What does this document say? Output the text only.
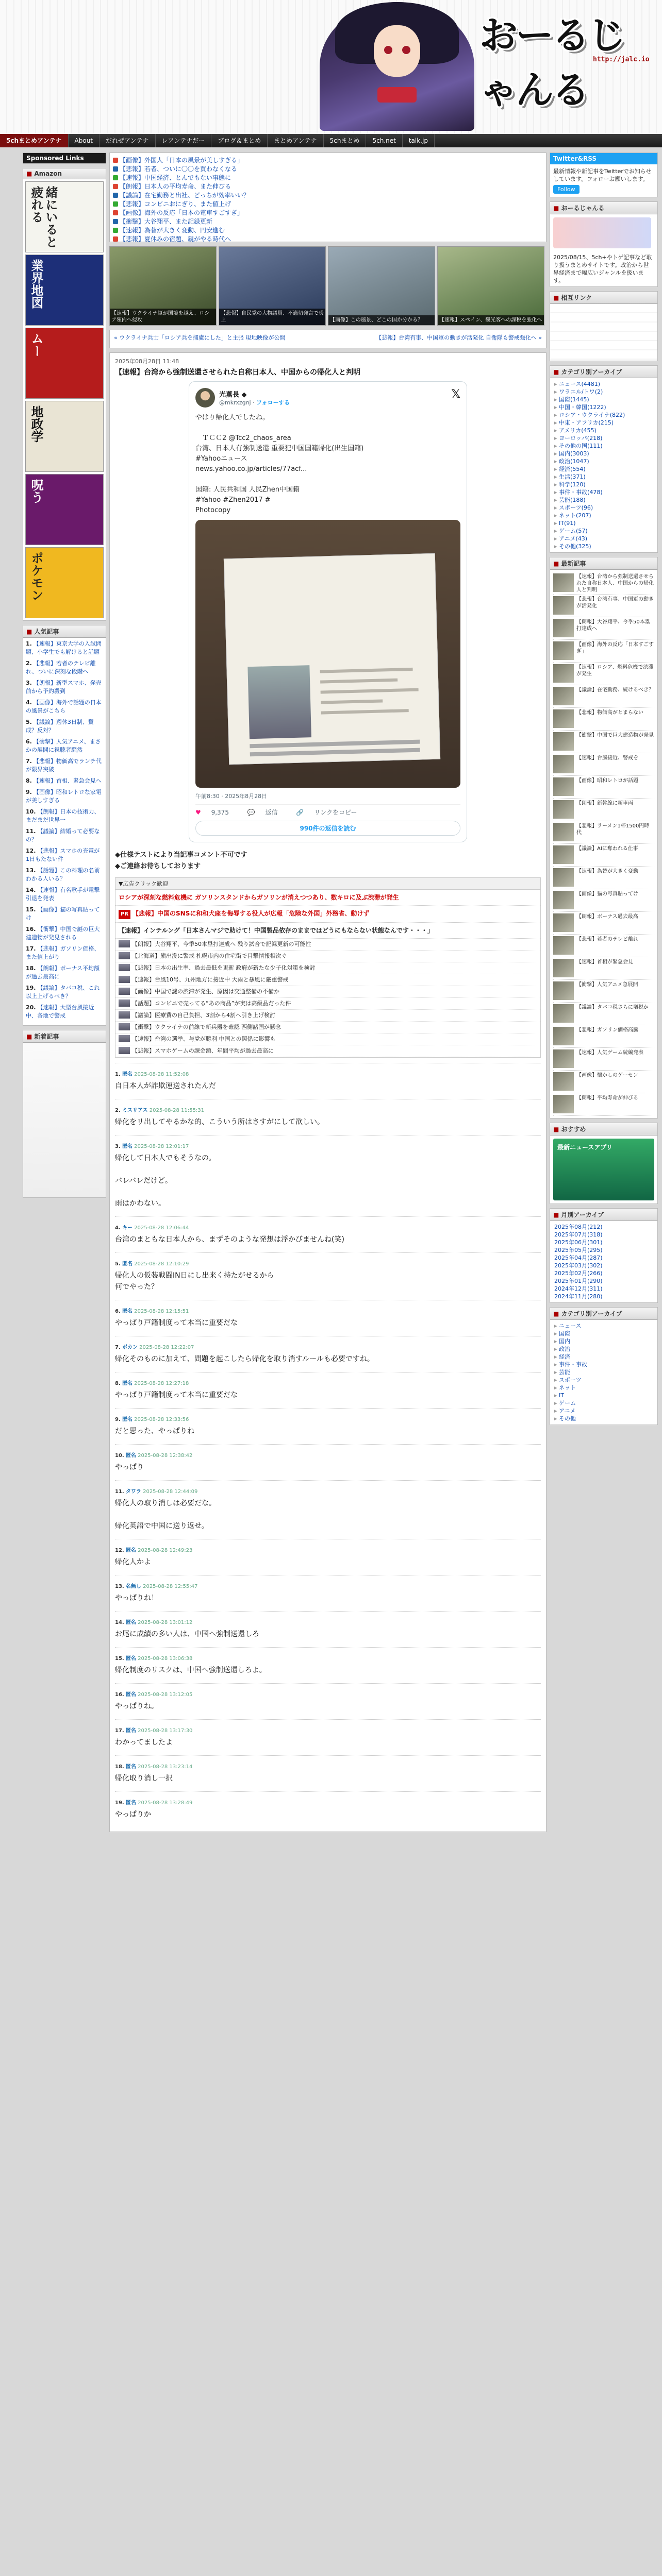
おーるじゃんる
http://jalc.io
5chまとめアンテナ	About	だれぜアンテナ	レアンテナだー	ブログ＆まとめ	まとめアンテナ	5chまとめ	5ch.net	talk.jp
Sponsored Links
■ Amazon
緒にいると疲れる
業界地図
ムー
地政学
呪う
ポケモン
■ 人気記事
1. 【速報】東京大学の入試問題、小学生でも解けると話題
2. 【悲報】若者のテレビ離れ、ついに深刻な段階へ
3. 【朗報】新型スマホ、発売前から予約殺到
4. 【画像】海外で話題の日本の風景がこちら
5. 【議論】週休3日制、賛成？反対？
6. 【衝撃】人気アニメ、まさかの展開に視聴者騒然
7. 【悲報】物価高でランチ代が限界突破
8. 【速報】首相、緊急会見へ
9. 【画像】昭和レトロな家電が美しすぎる
10. 【朗報】日本の技術力、まだまだ世界一
11. 【議論】結婚って必要なの？
12. 【悲報】スマホの充電が1日もたない件
13. 【話題】この料理の名前わかる人いる？
14. 【速報】有名歌手が電撃引退を発表
15. 【画像】猫の写真貼ってけ
16. 【衝撃】中国で謎の巨大建造物が発見される
17. 【悲報】ガソリン価格、また値上がり
18. 【朗報】ボーナス平均額が過去最高に
19. 【議論】タバコ税、これ以上上げるべき？
20. 【速報】大型台風接近中、各地で警戒
■ 新着記事
【画像】外国人「日本の風景が美しすぎる」
【悲報】若者、ついに〇〇を買わなくなる
【速報】中国経済、とんでもない事態に
【朗報】日本人の平均寿命、また伸びる
【議論】在宅勤務と出社、どっちが効率いい？
【悲報】コンビニおにぎり、また値上げ
【画像】海外の反応「日本の電車すごすぎ」
【衝撃】大谷翔平、また記録更新
【速報】為替が大きく変動、円安進む
【悲報】夏休みの宿題、親がやる時代へ
【速報】ウクライナ軍が国境を越え、ロシア領内へ侵攻
【悲報】自民党の大物議員、不適切発言で炎上	【画像】この風景、どこの国か分かる？	【速報】スペイン、観光客への課税を強化へ
« ウクライナ兵士「ロシア兵を捕虜にした」と主張 現地映像が公開	【悲報】台湾有事、中国軍の動きが活発化 自衛隊も警戒強化へ »
2025年08月28日 11:48
【速報】台湾から強制送還させられた自称日本人、中国からの帰化人と判明
光薫長 ◆
@mkrxzgnj · フォローする
𝕏
やはり帰化人でしたね。

　ＴＣＣ2 @Tcc2_chaos_area
台湾、日本人有強制送還 重要犯中国国籍帰化(出生国籍)
#Yahooニュース
news.yahoo.co.jp/articles/77acf...

国籍: 人民共和国 人民Zhen中国籍
#Yahoo #Zhen2017 #
Photocopy
午前8:30 · 2025年8月28日
♥ 9,375	💬 返信	🔗 リンクをコピー
990件の返信を読む
◆仕様テストにより当記事コメント不可です
◆ご連絡お待ちしております
▼広告クリック歓迎
ロシアが深刻な燃料危機に ガソリンスタンドからガソリンが消えつつあり、数キロに及ぶ渋滞が発生
PR 【悲報】中国のSNSに和和犬座を侮辱する役人が広報「危険な外国」外務省、動けず
【速報】インテルング「日本さんマジで助けて！中国製品依存のままではどうにもならない状態なんです・・・」
【朗報】大谷翔平、今季50本塁打達成へ 残り試合で記録更新の可能性
【北海道】熊出没に警戒 札幌市内の住宅街で目撃情報相次ぐ
【悲報】日本の出生率、過去最低を更新 政府が新たな少子化対策を検討
【速報】台風10号、九州地方に接近中 大雨と暴風に厳重警戒
【画像】中国で謎の渋滞が発生、原因は交通整備の不備か
【話題】コンビニで売ってる“あの商品”が実は高級品だった件
【議論】医療費の自己負担、3割から4割へ引き上げ検討
【衝撃】ウクライナの前線で新兵器を確認 西側諸国が懸念
【速報】台湾の選挙、与党が勝利 中国との関係に影響も
【悲報】スマホゲームの課金額、年間平均が過去最高に
1. 匿名 2025-08-28 11:52:08
自日本人が詐欺運送されたんだ
2. ミスリアス 2025-08-28 11:55:31
帰化をリ出してやるかな的、こういう所はさすがにして欲しい。
3. 匿名 2025-08-28 12:01:17
帰化して日本人でもそうなの。

バレバレだけど。

雨はかわない。
4. キー 2025-08-28 12:06:44
台湾のまともな日本人から、まずそのような発想は浮かびませんね(笑)
5. 匿名 2025-08-28 12:10:29
帰化人の仮装戦闘IN日にし出来く持たがせるから
何でやった？
6. 匿名 2025-08-28 12:15:51
やっぱり戸籍制度って本当に重要だな
7. ポカン 2025-08-28 12:22:07
帰化そのものに加えて、問題を起こしたら帰化を取り消すルールも必要ですね。
8. 匿名 2025-08-28 12:27:18
やっぱり戸籍制度って本当に重要だな
9. 匿名 2025-08-28 12:33:56
だと思った、やっぱりね
10. 匿名 2025-08-28 12:38:42
やっぱり
11. タワラ 2025-08-28 12:44:09
帰化人の取り消しは必要だな。

帰化英語で中国に送り返せ。
12. 匿名 2025-08-28 12:49:23
帰化人かよ
13. 名無し 2025-08-28 12:55:47
やっぱりね！
14. 匿名 2025-08-28 13:01:12
お尾に成績の多い人は、中国へ強制送還しろ
15. 匿名 2025-08-28 13:06:38
帰化制度のリスクは、中国へ強制送還しろよ。
16. 匿名 2025-08-28 13:12:05
やっぱりね。
17. 匿名 2025-08-28 13:17:30
わかってましたよ
18. 匿名 2025-08-28 13:23:14
帰化取り消し一択
19. 匿名 2025-08-28 13:28:49
やっぱりか
Twitter&RSS
最新情報や新記事をTwitterでお知らせしています。フォローお願いします。
Follow
■ おーるじゃんる
2025/08/15、5ch+やトゲ記事など取り扱うまとめサイトです。政治から世界経済まで幅広いジャンルを扱います。
■ 相互リンク
■ カテゴリ別アーカイブ
▸ ニュース(4481)
▸ ワラエル/トワ(2)
▸ 国際(1445)
▸ 中国・韓国(1222)
▸ ロシア・ウクライナ(822)
▸ 中東・アフリカ(215)
▸ アメリカ(455)
▸ ヨーロッパ(218)
▸ その他の国(111)
▸ 国内(3003)
▸ 政治(1047)
▸ 経済(554)
▸ 生活(371)
▸ 科学(120)
▸ 事件・事故(478)
▸ 芸能(188)
▸ スポーツ(96)
▸ ネット(207)
▸ IT(91)
▸ ゲーム(57)
▸ アニメ(43)
▸ その他(325)
■ 最新記事
【速報】台湾から強制送還させられた自称日本人、中国からの帰化人と判明
【悲報】台湾有事、中国軍の動きが活発化
【朗報】大谷翔平、今季50本塁打達成へ
【画像】海外の反応「日本すごすぎ」
【速報】ロシア、燃料危機で渋滞が発生
【議論】在宅勤務、続けるべき？
【悲報】物価高がとまらない
【衝撃】中国で巨大建造物が発見
【速報】台風接近、警戒を
【画像】昭和レトロが話題
【朗報】新幹線に新車両
【悲報】ラーメン1杯1500円時代
【議論】AIに奪われる仕事
【速報】為替が大きく変動
【画像】猫の写真貼ってけ
【朗報】ボーナス過去最高
【悲報】若者のテレビ離れ
【速報】首相が緊急会見
【衝撃】人気アニメ急展開
【議論】タバコ税さらに増税か
【悲報】ガソリン価格高騰
【速報】人気ゲーム続編発表
【画像】懐かしのゲーセン
【朗報】平均寿命が伸びる
■ おすすめ
最新ニュースアプリ
■ 月別アーカイブ
2025年08月(212)
2025年07月(318)
2025年06月(301)
2025年05月(295)
2025年04月(287)
2025年03月(302)
2025年02月(266)
2025年01月(290)
2024年12月(311)
2024年11月(280)
■ カテゴリ別アーカイブ
▸ ニュース
▸ 国際
▸ 国内
▸ 政治
▸ 経済
▸ 事件・事故
▸ 芸能
▸ スポーツ
▸ ネット
▸ IT
▸ ゲーム
▸ アニメ
▸ その他
